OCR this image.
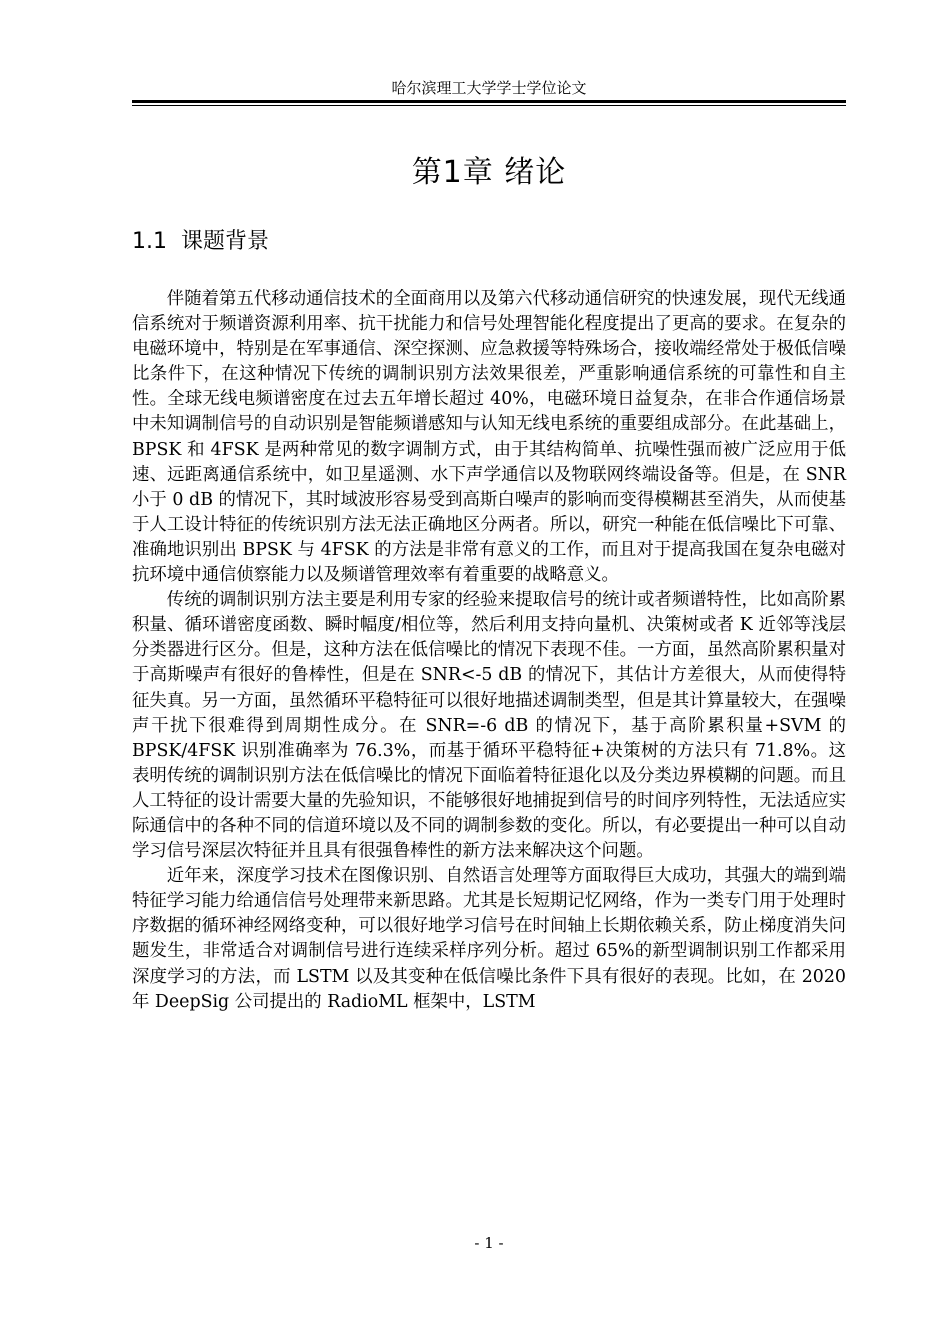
哈尔滨理工大学学士学位论文
第1章 绪论
1.1 课题背景

伴随着第五代移动通信技术的全面商用以及第六代移动通信研究的快速发展，现代无线通信系统对于频谱资源利用率、抗干扰能力和信号处理智能化程度提出了更高的要求。在复杂的电磁环境中，特别是在军事通信、深空探测、应急救援等特殊场合，接收端经常处于极低信噪比条件下，在这种情况下传统的调制识别方法效果很差，严重影响通信系统的可靠性和自主性。全球无线电频谱密度在过去五年增长超过 40%，电磁环境日益复杂，在非合作通信场景中未知调制信号的自动识别是智能频谱感知与认知无线电系统的重要组成部分。在此基础上，BPSK 和 4FSK 是两种常见的数字调制方式，由于其结构简单、抗噪性强而被广泛应用于低速、远距离通信系统中，如卫星遥测、水下声学通信以及物联网终端设备等。但是，在 SNR 小于 0 dB 的情况下，其时域波形容易受到高斯白噪声的影响而变得模糊甚至消失，从而使基于人工设计特征的传统识别方法无法正确地区分两者。所以，研究一种能在低信噪比下可靠、准确地识别出 BPSK 与 4FSK 的方法是非常有意义的工作，而且对于提高我国在复杂电磁对抗环境中通信侦察能力以及频谱管理效率有着重要的战略意义。

传统的调制识别方法主要是利用专家的经验来提取信号的统计或者频谱特性，比如高阶累积量、循环谱密度函数、瞬时幅度/相位等，然后利用支持向量机、决策树或者 K 近邻等浅层分类器进行区分。但是，这种方法在低信噪比的情况下表现不佳。一方面，虽然高阶累积量对于高斯噪声有很好的鲁棒性，但是在 SNR<-5 dB 的情况下，其估计方差很大，从而使得特征失真。另一方面，虽然循环平稳特征可以很好地描述调制类型，但是其计算量较大，在强噪声干扰下很难得到周期性成分。在 SNR=-6 dB 的情况下，基于高阶累积量+SVM 的 BPSK/4FSK 识别准确率为 76.3%，而基于循环平稳特征+决策树的方法只有 71.8%。这表明传统的调制识别方法在低信噪比的情况下面临着特征退化以及分类边界模糊的问题。而且人工特征的设计需要大量的先验知识，不能够很好地捕捉到信号的时间序列特性，无法适应实际通信中的各种不同的信道环境以及不同的调制参数的变化。所以，有必要提出一种可以自动学习信号深层次特征并且具有很强鲁棒性的新方法来解决这个问题。

近年来，深度学习技术在图像识别、自然语言处理等方面取得巨大成功，其强大的端到端特征学习能力给通信信号处理带来新思路。尤其是长短期记忆网络，作为一类专门用于处理时序数据的循环神经网络变种，可以很好地学习信号在时间轴上长期依赖关系，防止梯度消失问题发生，非常适合对调制信号进行连续采样序列分析。超过 65%的新型调制识别工作都采用深度学习的方法，而 LSTM 以及其变种在低信噪比条件下具有很好的表现。比如，在 2020 年 DeepSig 公司提出的 RadioML 框架中，LSTM

- 1 -
